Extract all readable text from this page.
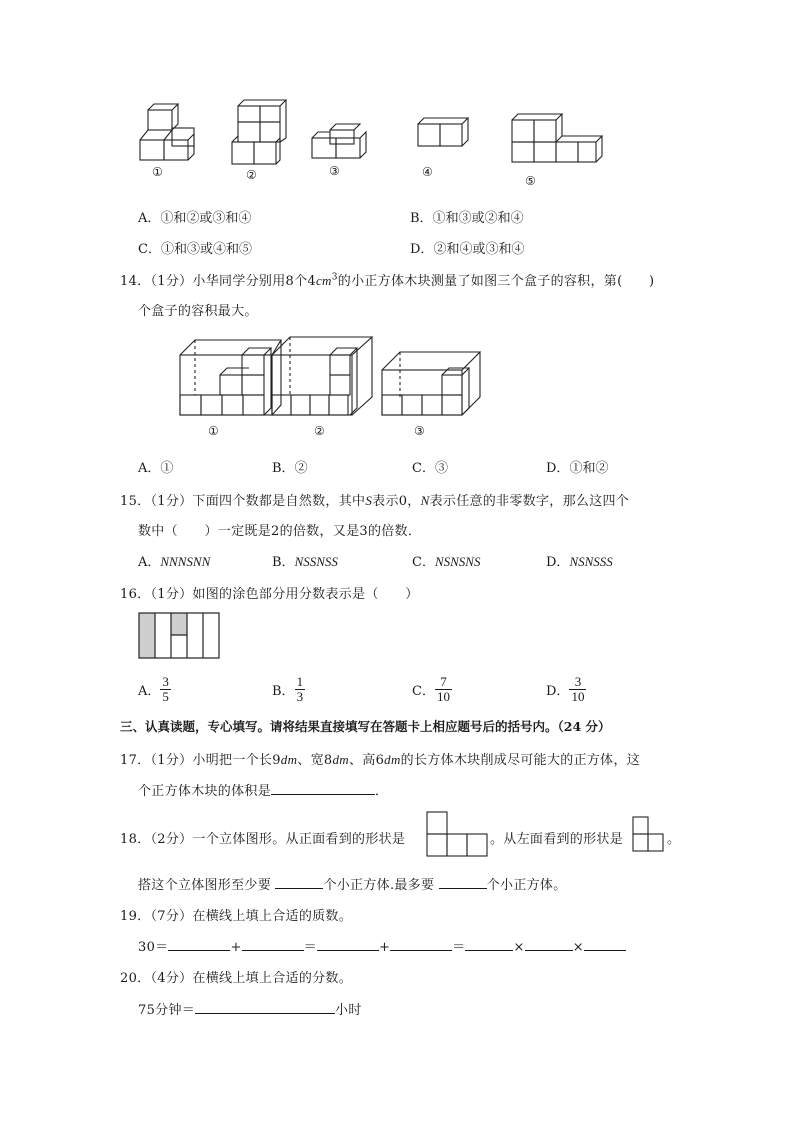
①	②	③	④
⑤
A．①和②或③和④	B．①和③或②和④
C．①和③或④和⑤	D．②和④或③和④
14．（1分）小华同学分别用8个$4cm^3$的小正方体木块测量了如图三个盒子的容积，第(　　)
个盒子的容积最大。
①	②	③
A．①	B．②	C．③	D．①和②
15．（1分）下面四个数都是自然数，其中S表示0，N表示任意的非零数字，那么这四个
数中（　　）一定既是2的倍数，又是3的倍数．
A．NNNSNN	B．NSSNSS	C．NSNSNS	D．NSNSSS
16．（1分）如图的涂色部分用分数表示是（　　）
A． $\frac{3}{5}$	B． $\frac{1}{3}$	C． $\frac{7}{10}$	D． $\frac{3}{10}$
三、认真读题，专心填写。请将结果直接填写在答题卡上相应题号后的括号内。（24 分）
17．（1分）小明把一个长9dm、宽8dm、高6dm的长方体木块削成尽可能大的正方体，这
个正方体木块的体积是	．
18．（2分）一个立体图形。从正面看到的形状是	。从左面看到的形状是	。
搭这个立体图形至少要	个小正方体.最多要	个小正方体。
19．（7分）在横线上填上合适的质数。
30＝	+	＝	+	＝	×	×
20．（4分）在横线上填上合适的分数。
75分钟＝	小时
